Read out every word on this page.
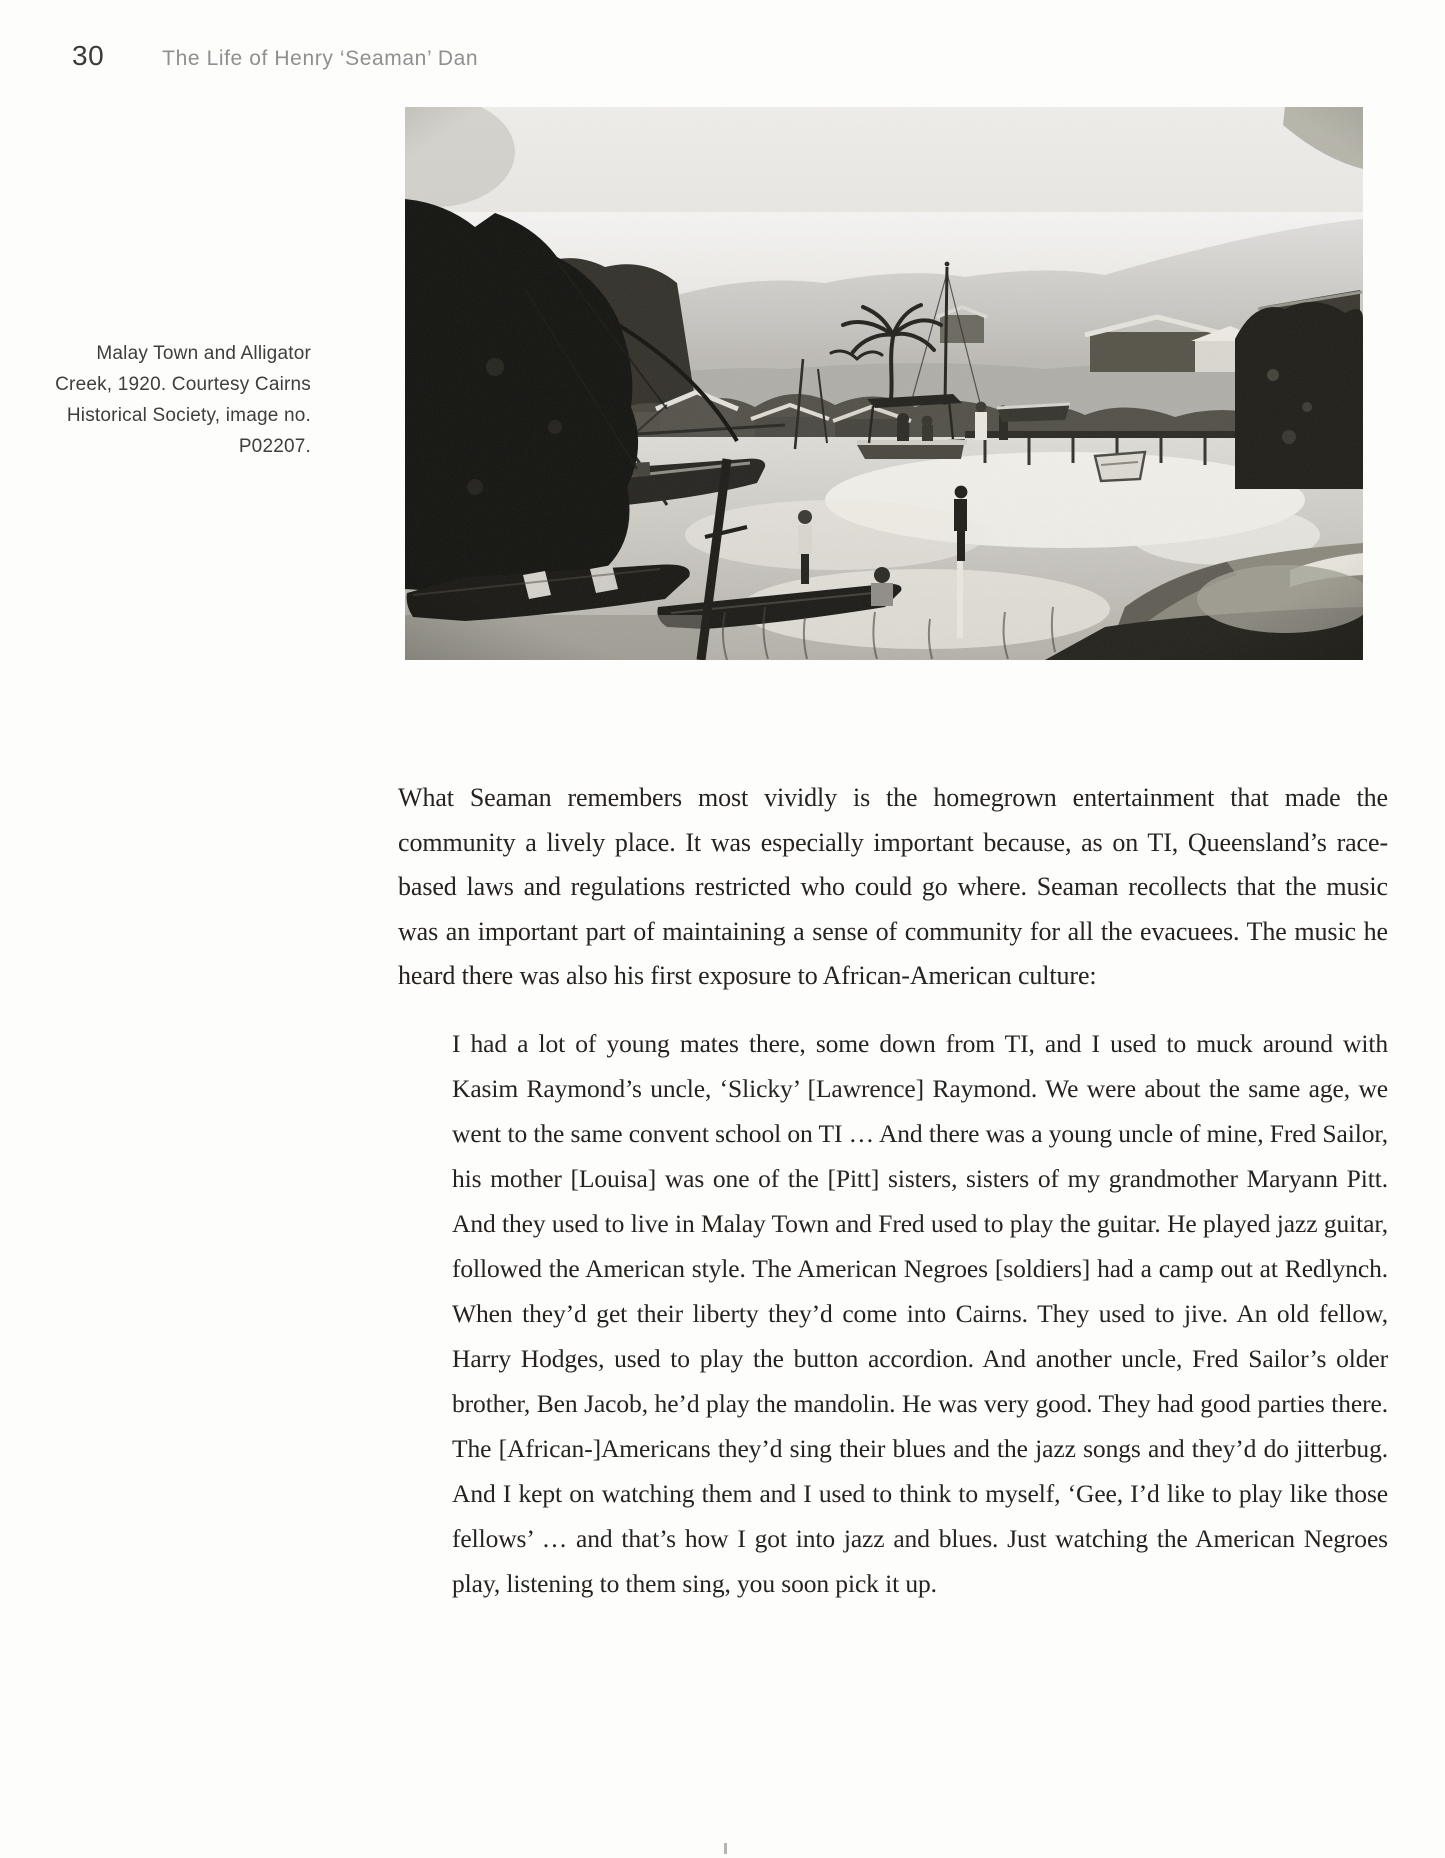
30	The Life of Henry ‘Seaman’ Dan
Malay Town and Alligator
Creek, 1920. Courtesy Cairns
Historical Society, image no.
P02207.

What Seaman remembers most vividly is the homegrown entertainment that made the community a lively place. It was especially important because, as on TI, Queensland’s race-based laws and regulations restricted who could go where. Seaman recollects that the music was an important part of maintaining a sense of community for all the evacuees. The music he heard there was also his first exposure to African-American culture:

I had a lot of young mates there, some down from TI, and I used to muck around with Kasim Raymond’s uncle, ‘Slicky’ [Lawrence] Raymond. We were about the same age, we went to the same convent school on TI … And there was a young uncle of mine, Fred Sailor, his mother [Louisa] was one of the [Pitt] sisters, sisters of my grandmother Maryann Pitt. And they used to live in Malay Town and Fred used to play the guitar. He played jazz guitar, followed the American style. The American Negroes [soldiers] had a camp out at Redlynch. When they’d get their liberty they’d come into Cairns. They used to jive. An old fellow, Harry Hodges, used to play the button accordion. And another uncle, Fred Sailor’s older brother, Ben Jacob, he’d play the mandolin. He was very good. They had good parties there. The [African-]Americans they’d sing their blues and the jazz songs and they’d do jitterbug. And I kept on watching them and I used to think to myself, ‘Gee, I’d like to play like those fellows’ … and that’s how I got into jazz and blues. Just watching the American Negroes play, listening to them sing, you soon pick it up.
